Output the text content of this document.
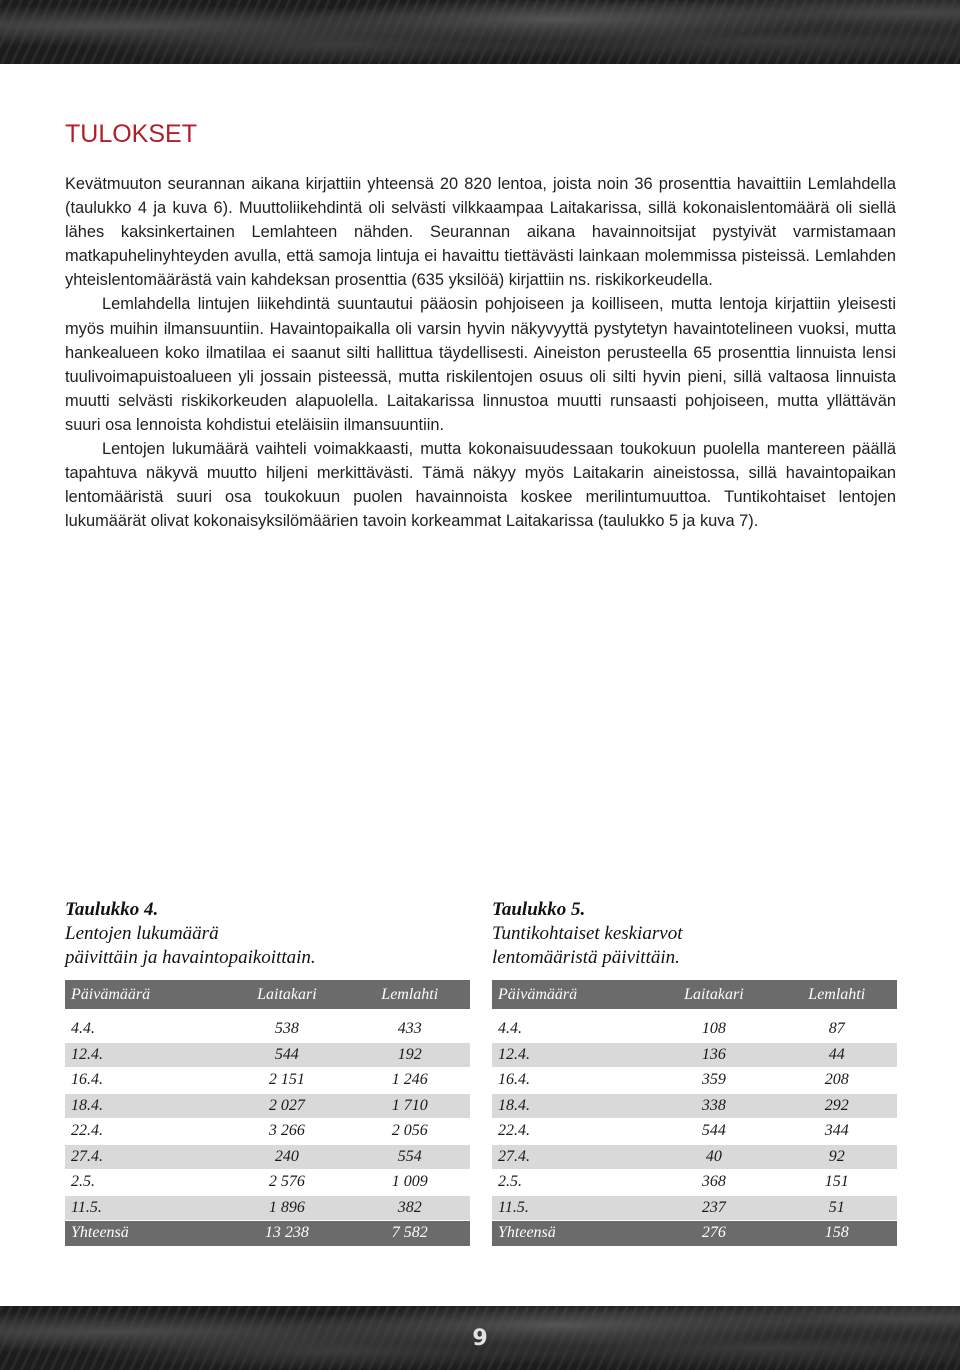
TULOKSET

Kevätmuuton seurannan aikana kirjattiin yhteensä 20 820 lentoa, joista noin 36 prosenttia havaittiin Lemlahdella (taulukko 4 ja kuva 6). Muuttoliikehdintä oli selvästi vilkkaampaa Laitakarissa, sillä kokonaislentomäärä oli siellä lähes kaksinkertainen Lemlahteen nähden. Seurannan aikana havainnoitsijat pystyivät varmistamaan matkapuhelinyhteyden avulla, että samoja lintuja ei havaittu tiettävästi lainkaan molemmissa pisteissä. Lemlahden yhteislentomäärästä vain kahdeksan prosenttia (635 yksilöä) kirjattiin ns. riskikorkeudella.

Lemlahdella lintujen liikehdintä suuntautui pääosin pohjoiseen ja koilliseen, mutta lentoja kirjattiin yleisesti myös muihin ilmansuuntiin. Havaintopaikalla oli varsin hyvin näkyvyyttä pystytetyn havaintotelineen vuoksi, mutta hankealueen koko ilmatilaa ei saanut silti hallittua täydellisesti. Aineiston perusteella 65 prosenttia linnuista lensi tuulivoimapuistoalueen yli jossain pisteessä, mutta riskilentojen osuus oli silti hyvin pieni, sillä valtaosa linnuista muutti selvästi riskikorkeuden alapuolella. Laitakarissa linnustoa muutti runsaasti pohjoiseen, mutta yllättävän suuri osa lennoista kohdistui eteläisiin ilmansuuntiin.

Lentojen lukumäärä vaihteli voimakkaasti, mutta kokonaisuudessaan toukokuun puolella mantereen päällä tapahtuva näkyvä muutto hiljeni merkittävästi. Tämä näkyy myös Laitakarin aineistossa, sillä havaintopaikan lentomääristä suuri osa toukokuun puolen havainnoista koskee merilintumuuttoa. Tuntikohtaiset lentojen lukumäärät olivat kokonaisyksilömäärien tavoin korkeammat Laitakarissa (taulukko 5 ja kuva 7).

Taulukko 4.
Lentojen lukumäärä
päivittäin ja havaintopaikoittain.
Päivämäärä	Laitakari	Lemlahti
4.4.	538	433
12.4.	544	192
16.4.	2 151	1 246
18.4.	2 027	1 710
22.4.	3 266	2 056
27.4.	240	554
2.5.	2 576	1 009
11.5.	1 896	382
Yhteensä	13 238	7 582
Taulukko 5.
Tuntikohtaiset keskiarvot
lentomääristä päivittäin.
Päivämäärä	Laitakari	Lemlahti
4.4.	108	87
12.4.	136	44
16.4.	359	208
18.4.	338	292
22.4.	544	344
27.4.	40	92
2.5.	368	151
11.5.	237	51
Yhteensä	276	158
9
